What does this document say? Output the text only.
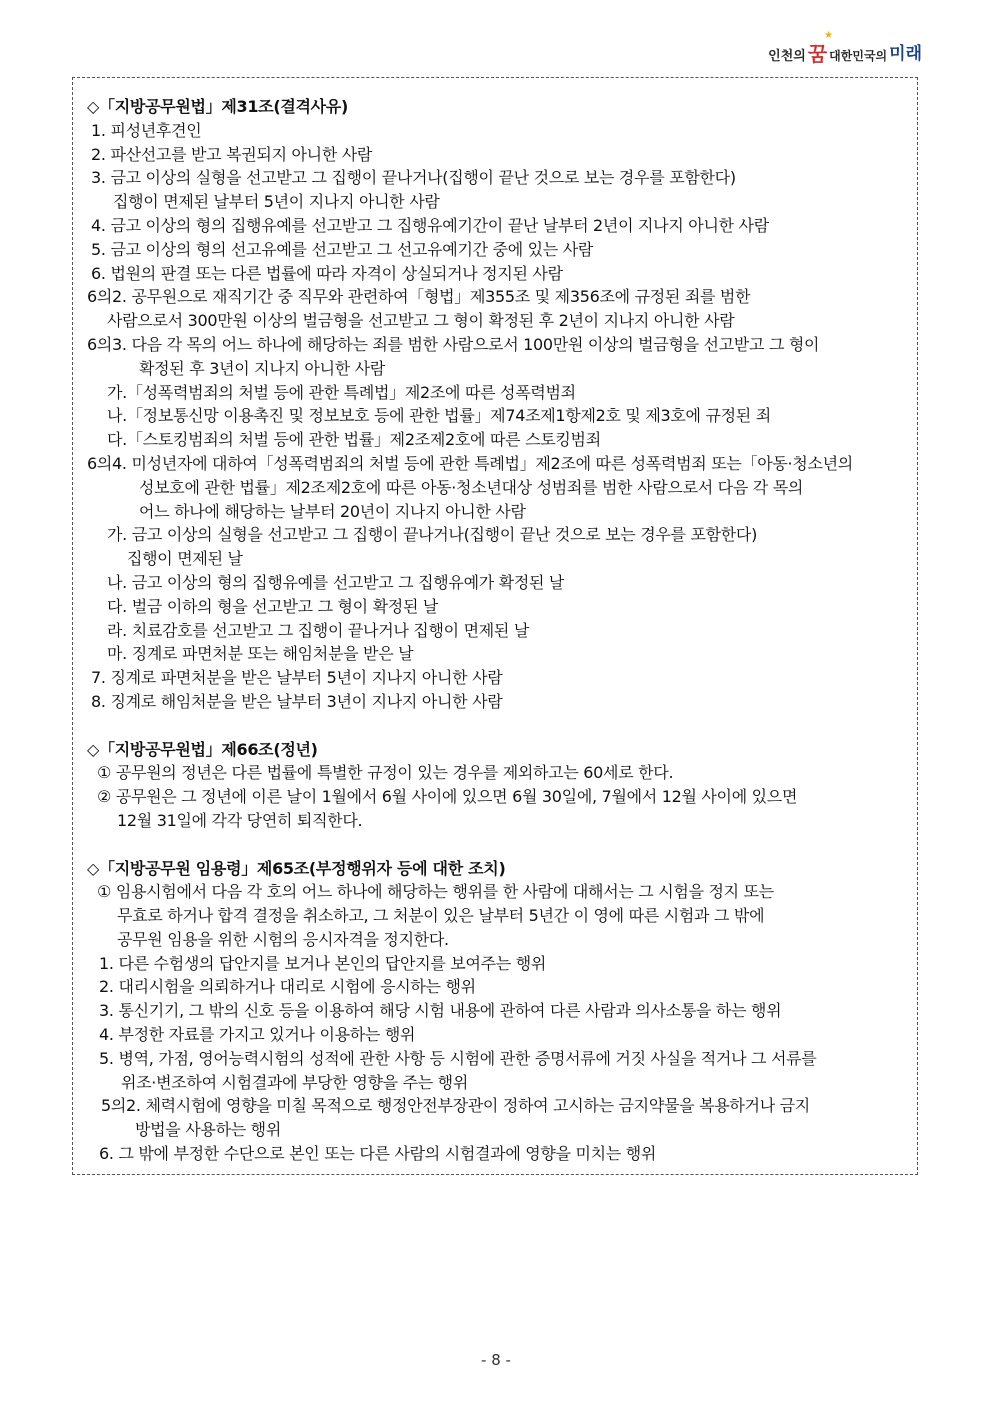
인천의 꿈
★
대한민국의 미래
◇「지방공무원법」제31조(결격사유)
1. 피성년후견인
2. 파산선고를 받고 복권되지 아니한 사람
3. 금고 이상의 실형을 선고받고 그 집행이 끝나거나(집행이 끝난 것으로 보는 경우를 포함한다)
집행이 면제된 날부터 5년이 지나지 아니한 사람
4. 금고 이상의 형의 집행유예를 선고받고 그 집행유예기간이 끝난 날부터 2년이 지나지 아니한 사람
5. 금고 이상의 형의 선고유예를 선고받고 그 선고유예기간 중에 있는 사람
6. 법원의 판결 또는 다른 법률에 따라 자격이 상실되거나 정지된 사람
6의2. 공무원으로 재직기간 중 직무와 관련하여「형법」제355조 및 제356조에 규정된 죄를 범한
사람으로서 300만원 이상의 벌금형을 선고받고 그 형이 확정된 후 2년이 지나지 아니한 사람
6의3. 다음 각 목의 어느 하나에 해당하는 죄를 범한 사람으로서 100만원 이상의 벌금형을 선고받고 그 형이
확정된 후 3년이 지나지 아니한 사람
가.「성폭력범죄의 처벌 등에 관한 특례법」제2조에 따른 성폭력범죄
나.「정보통신망 이용촉진 및 정보보호 등에 관한 법률」제74조제1항제2호 및 제3호에 규정된 죄
다.「스토킹범죄의 처벌 등에 관한 법률」제2조제2호에 따른 스토킹범죄
6의4. 미성년자에 대하여「성폭력범죄의 처벌 등에 관한 특례법」제2조에 따른 성폭력범죄 또는「아동·청소년의
성보호에 관한 법률」제2조제2호에 따른 아동·청소년대상 성범죄를 범한 사람으로서 다음 각 목의
어느 하나에 해당하는 날부터 20년이 지나지 아니한 사람
가. 금고 이상의 실형을 선고받고 그 집행이 끝나거나(집행이 끝난 것으로 보는 경우를 포함한다)
집행이 면제된 날
나. 금고 이상의 형의 집행유예를 선고받고 그 집행유예가 확정된 날
다. 벌금 이하의 형을 선고받고 그 형이 확정된 날
라. 치료감호를 선고받고 그 집행이 끝나거나 집행이 면제된 날
마. 징계로 파면처분 또는 해임처분을 받은 날
7. 징계로 파면처분을 받은 날부터 5년이 지나지 아니한 사람
8. 징계로 해임처분을 받은 날부터 3년이 지나지 아니한 사람
◇「지방공무원법」제66조(정년)
① 공무원의 정년은 다른 법률에 특별한 규정이 있는 경우를 제외하고는 60세로 한다.
② 공무원은 그 정년에 이른 날이 1월에서 6월 사이에 있으면 6월 30일에, 7월에서 12월 사이에 있으면
12월 31일에 각각 당연히 퇴직한다.
◇「지방공무원 임용령」제65조(부정행위자 등에 대한 조치)
① 임용시험에서 다음 각 호의 어느 하나에 해당하는 행위를 한 사람에 대해서는 그 시험을 정지 또는
무효로 하거나 합격 결정을 취소하고, 그 처분이 있은 날부터 5년간 이 영에 따른 시험과 그 밖에
공무원 임용을 위한 시험의 응시자격을 정지한다.
1. 다른 수험생의 답안지를 보거나 본인의 답안지를 보여주는 행위
2. 대리시험을 의뢰하거나 대리로 시험에 응시하는 행위
3. 통신기기, 그 밖의 신호 등을 이용하여 해당 시험 내용에 관하여 다른 사람과 의사소통을 하는 행위
4. 부정한 자료를 가지고 있거나 이용하는 행위
5. 병역, 가점, 영어능력시험의 성적에 관한 사항 등 시험에 관한 증명서류에 거짓 사실을 적거나 그 서류를
위조·변조하여 시험결과에 부당한 영향을 주는 행위
5의2. 체력시험에 영향을 미칠 목적으로 행정안전부장관이 정하여 고시하는 금지약물을 복용하거나 금지
방법을 사용하는 행위
6. 그 밖에 부정한 수단으로 본인 또는 다른 사람의 시험결과에 영향을 미치는 행위
- 8 -
